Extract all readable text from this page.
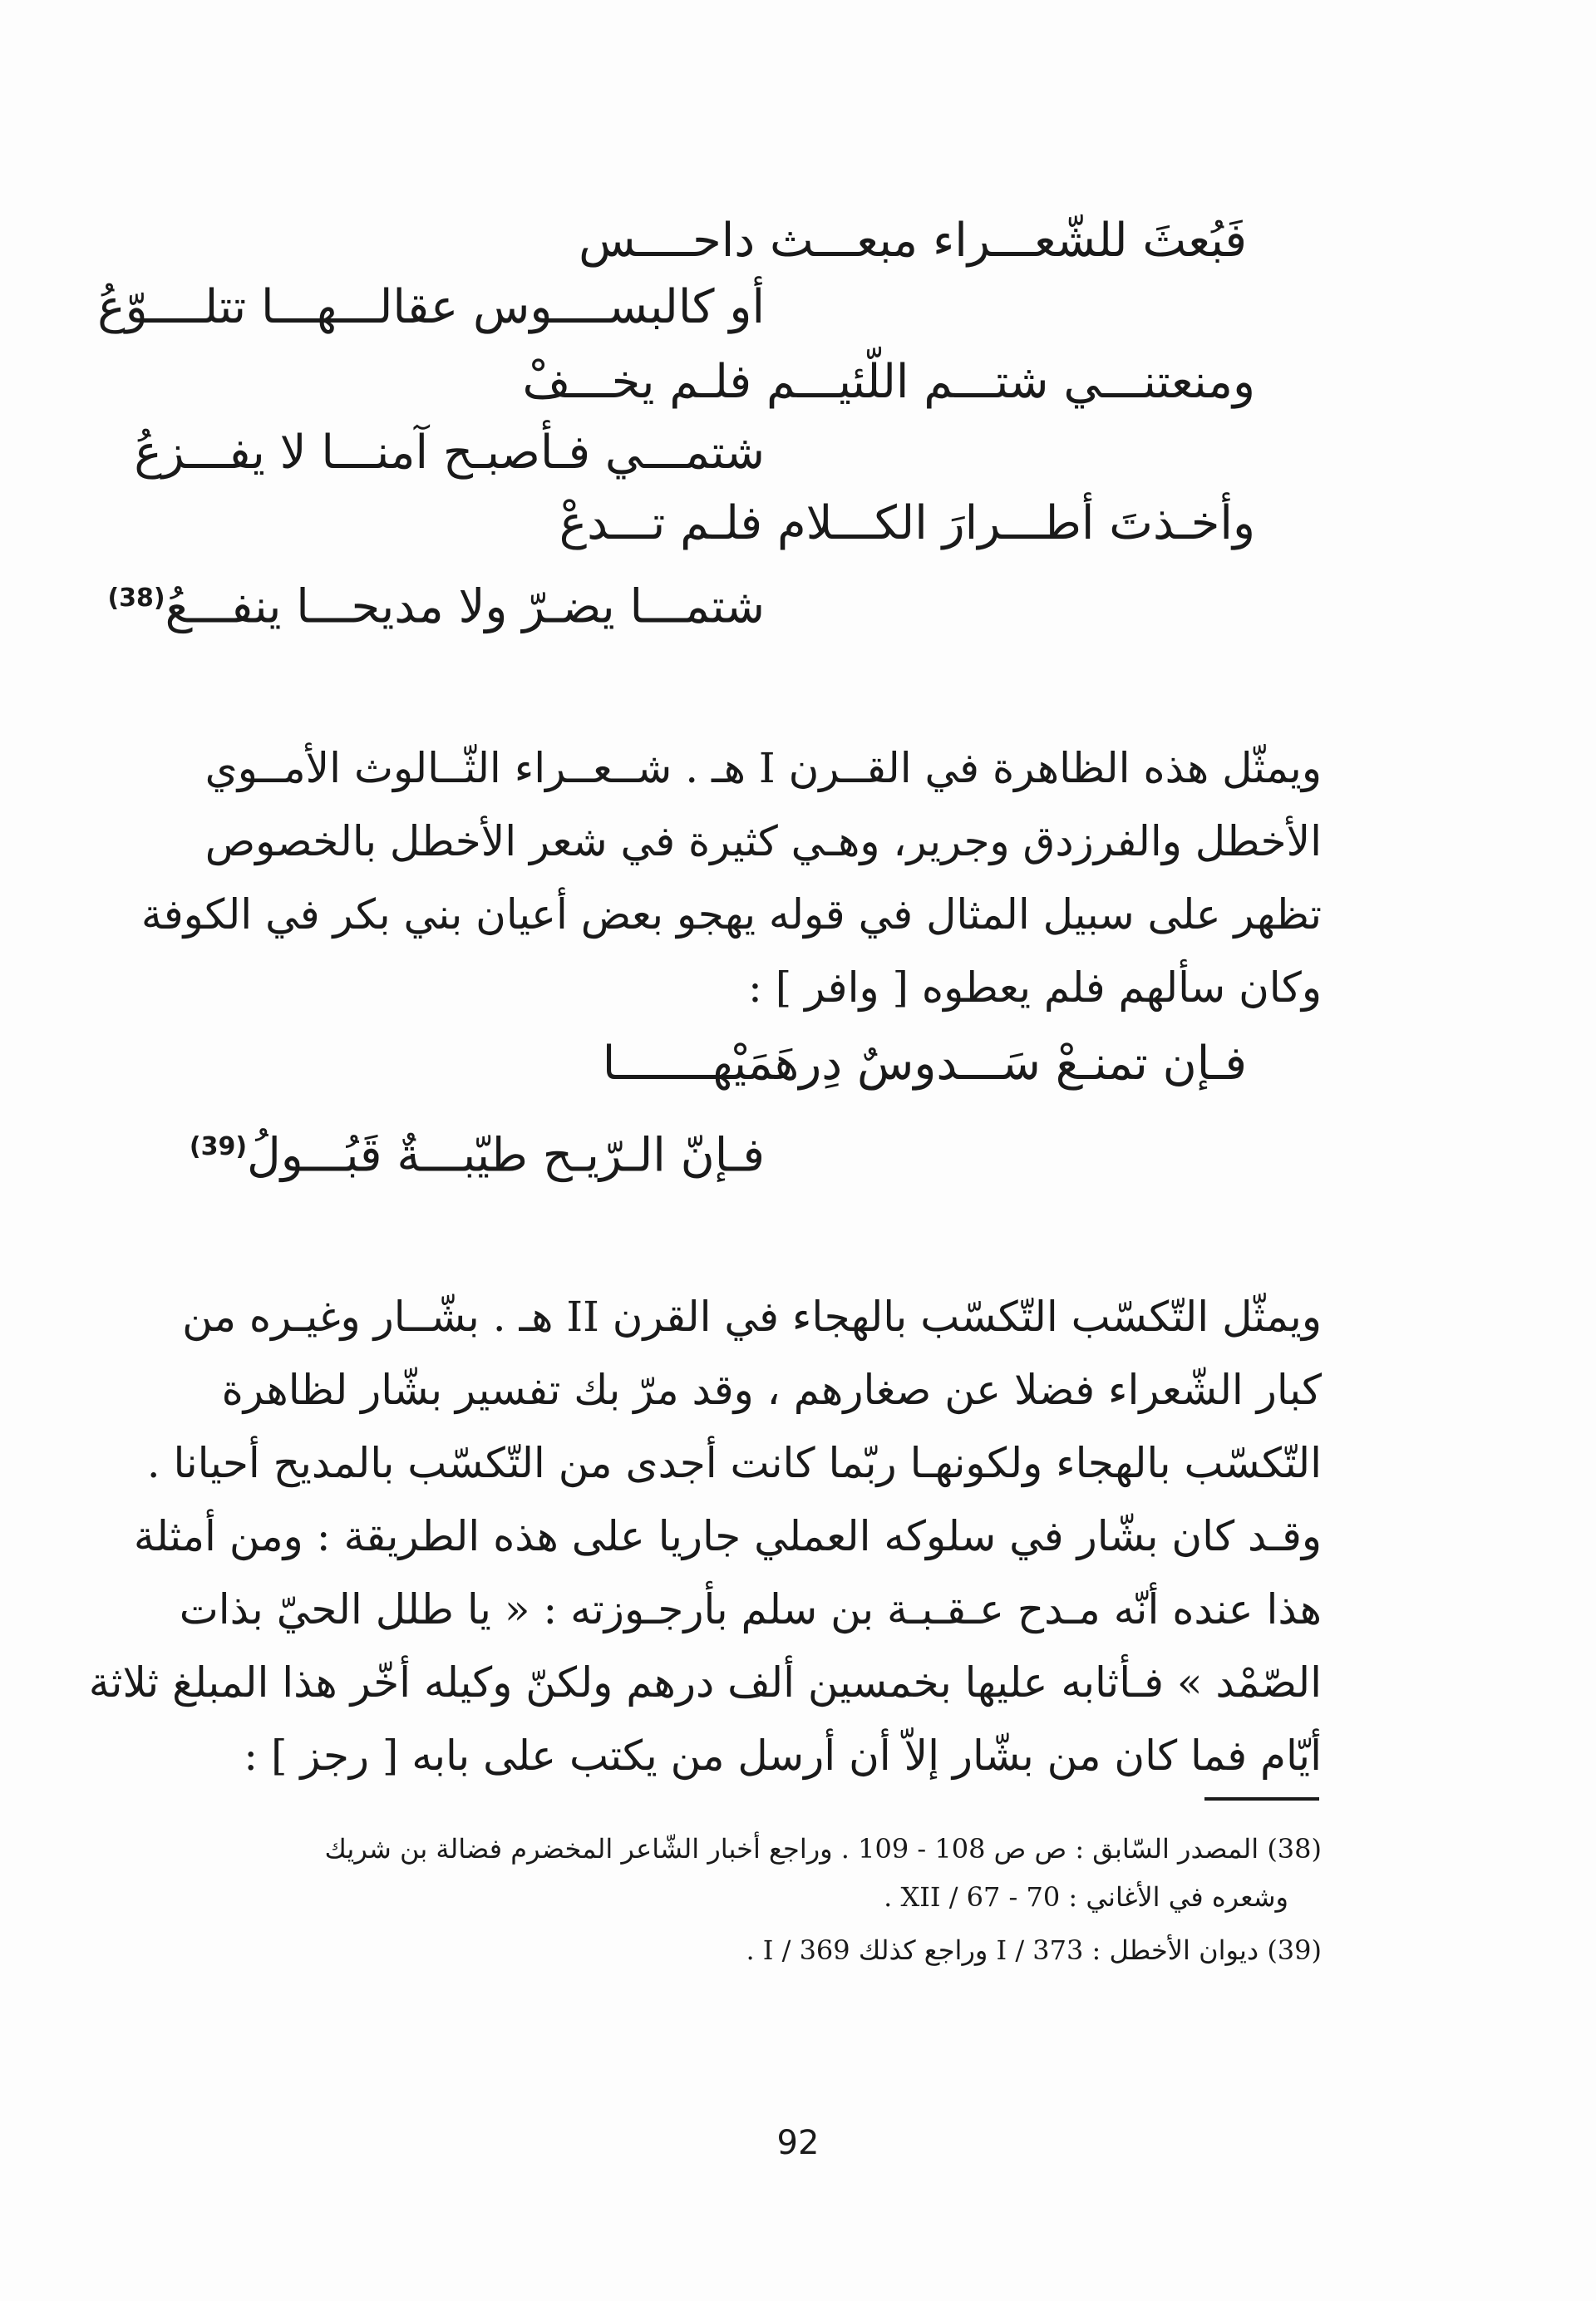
فَبُعثَ للشّعـــراء مبعـــث داحــــس
أو كالبســــوس عقالـــهـــا تتلــــوّعُ
ومنعتنـــي شتـــم اللّئيـــم فلـم يخـــفْ
شتمـــي فـأصبـح آمنـــا لا يفـــزعُ
وأخـذتَ أطـــرارَ الكـــلام فلـم تـــدعْ
شتمـــا يضـرّ ولا مديحـــا ينفـــعُ$^{(38)}$
ويمثّل هذه الظاهرة في القــرن I هـ . شــعــراء الثّــالوث الأمــوي
الأخطل والفرزدق وجرير، وهـي كثيرة في شعر الأخطل بالخصوص
تظهر على سبيل المثال في قوله يهجو بعض أعيان بني بكر في الكوفة
وكان سألهم فلم يعطوه [ وافر ] :
فـإن تمنـعْ سَـــدوسٌ دِرهَمَيْهـــــــا
فـإنّ الـرّيـح طيّبـــةٌ قَبُـــولُ$^{(39)}$
ويمثّل التّكسّب التّكسّب بالهجاء في القرن II هـ . بشّــار وغيـره من
كبار الشّعراء فضلا عن صغارهم ، وقد مرّ بك تفسير بشّار لظاهرة
التّكسّب بالهجاء ولكونهـا ربّما كانت أجدى من التّكسّب بالمديح أحيانا .
وقـد كان بشّار في سلوكه العملي جاريا على هذه الطريقة : ومن أمثلة
هذا عنده أنّه مـدح عـقـبـة بن سلم بأرجـوزته : « يا طلل الحيّ بذات
الصّمْد » فـأثابه عليها بخمسين ألف درهم ولكنّ وكيله أخّر هذا المبلغ ثلاثة
أيّام فما كان من بشّار إلاّ أن أرسل من يكتب على بابه [ رجز ] :
(38) المصدر السّابق : ص ص 108 - 109 . وراجع أخبار الشّاعر المخضرم فضالة بن شريك
وشعره في الأغاني : XII / 67 - 70 .
(39) ديوان الأخطل : I / 373 وراجع كذلك I / 369 .
92
